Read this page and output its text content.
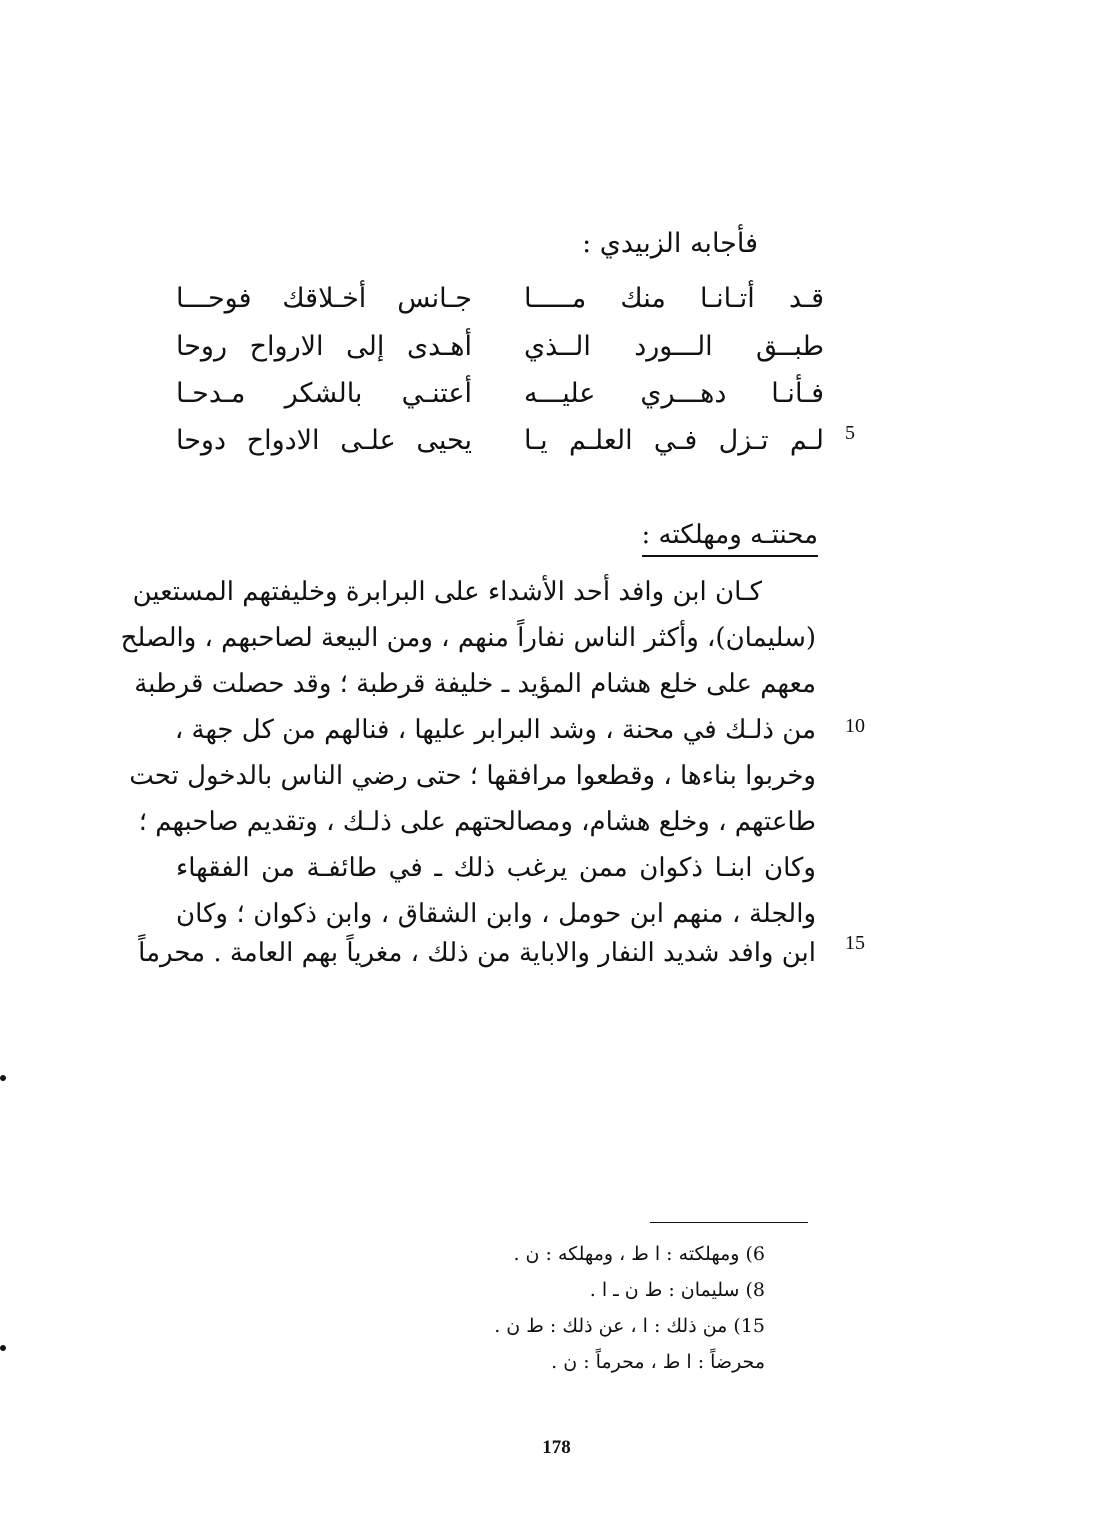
فأجابه الزبيدي :
قـد أتـانـا منك مـــــا
جـانس أخـلاقك فوحـــا
طبــق الـــورد الــذي
أهـدى إلى الارواح روحا
فـأنـا دهـــري عليـــه
أعتنـي بالشكر مـدحـا
لـم تـزل فـي العلـم يـا
يحيى علـى الادواح دوحا	5
محنتـه ومهلكته :
كـان ابن وافد أحد الأشداء على البرابرة وخليفتهم المستعين
(سليمان)، وأكثر الناس نفاراً منهم ، ومن البيعة لصاحبهم ، والصلح
معهم على خلع هشام المؤيد ـ خليفة قرطبة ؛ وقد حصلت قرطبة
من ذلـك في محنة ، وشد البرابر عليها ، فنالهم من كل جهة ،
وخربوا بناءها ، وقطعوا مرافقها ؛ حتى رضي الناس بالدخول تحت
طاعتهم ، وخلع هشام، ومصالحتهم على ذلـك ، وتقديم صاحبهم ؛
وكان ابنـا ذكوان ممن يرغب ذلك ـ في طائفـة من الفقهاء
والجلة ، منهم ابن حومل ، وابن الشقاق ، وابن ذكوان ؛ وكان
ابن وافد شديد النفار والاباية من ذلك ، مغرياً بهم العامة . محرماً
10
15
6) ومهلكته : ا ط ، ومهلكه : ن .
8) سليمان : ط ن ـ ا .
15) من ذلك : ا ، عن ذلك : ط ن .
محرضاً : ا ط ، محرماً : ن .
178
